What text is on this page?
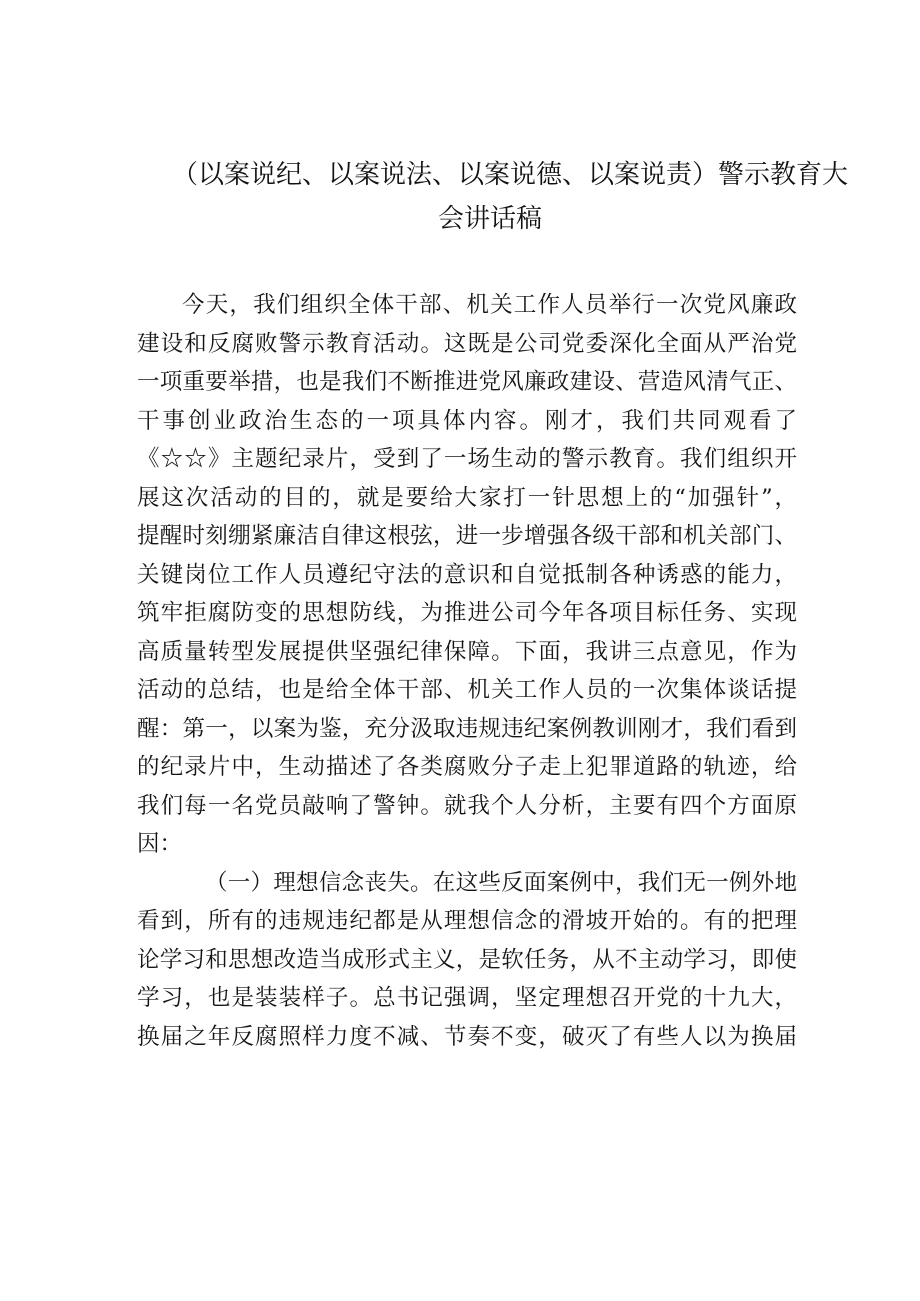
（以案说纪、以案说法、以案说德、以案说责）警示教育大
会讲话稿
今天，我们组织全体干部、机关工作人员举行一次党风廉政
建设和反腐败警示教育活动。这既是公司党委深化全面从严治党
一项重要举措，也是我们不断推进党风廉政建设、营造风清气正、
干事创业政治生态的一项具体内容。刚才，我们共同观看了
《☆☆》主题纪录片，受到了一场生动的警示教育。我们组织开
展这次活动的目的，就是要给大家打一针思想上的“加强针”，
提醒时刻绷紧廉洁自律这根弦，进一步增强各级干部和机关部门、
关键岗位工作人员遵纪守法的意识和自觉抵制各种诱惑的能力，
筑牢拒腐防变的思想防线，为推进公司今年各项目标任务、实现
高质量转型发展提供坚强纪律保障。下面，我讲三点意见，作为
活动的总结，也是给全体干部、机关工作人员的一次集体谈话提
醒：第一，以案为鉴，充分汲取违规违纪案例教训刚才，我们看到
的纪录片中，生动描述了各类腐败分子走上犯罪道路的轨迹，给
我们每一名党员敲响了警钟。就我个人分析，主要有四个方面原
因：
（一）理想信念丧失。在这些反面案例中，我们无一例外地
看到，所有的违规违纪都是从理想信念的滑坡开始的。有的把理
论学习和思想改造当成形式主义，是软任务，从不主动学习，即使
学习，也是装装样子。总书记强调，坚定理想召开党的十九大，
换届之年反腐照样力度不减、节奏不变，破灭了有些人以为换届
